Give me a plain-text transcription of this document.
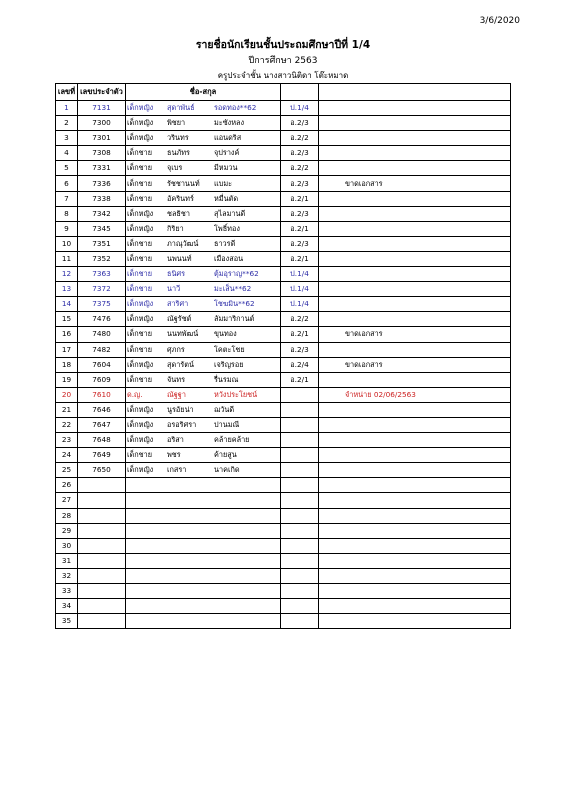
3/6/2020
รายชื่อนักเรียนชั้นประถมศึกษาปีที่ 1/4
ปีการศึกษา 2563
ครูประจำชั้น นางสาวนิติดา โต๊ะหมาด
เลขที่	เลขประจำตัว	ชื่อ-สกุล		
1	7131	เด็กหญิง สุดาพันธ์ รอดทอง**62	ป.1/4	
2	7300	เด็กหญิง พิชยา มะซังหลง	อ.2/3	
3	7301	เด็กหญิง วรินทร แอนดริส	อ.2/2	
4	7308	เด็กชาย ธนภัทร จุปรางค์	อ.2/3	
5	7331	เด็กชาย จุเบร มีหมวน	อ.2/2	
6	7336	เด็กชาย รัชชานนท์ แบมะ	อ.2/3	ขาดเอกสาร
7	7338	เด็กชาย อัครินทร์ หมื่นตัด	อ.2/1	
8	7342	เด็กหญิง ชลธิชา สุไลมานดี	อ.2/3	
9	7345	เด็กหญิง กิริยา โพธิ์ทอง	อ.2/1	
10	7351	เด็กชาย ภาณุวัฒน์ ธาวรดี	อ.2/3	
11	7352	เด็กชาย นพนนท์ เมืองสอน	อ.2/1	
12	7363	เด็กชาย ธนิศร ตุ้มอุราญ**62	ป.1/4	
13	7372	เด็กชาย นาวี มะเส็น**62	ป.1/4	
14	7375	เด็กหญิง สาริศา โชฆมิน**62	ป.1/4	
15	7476	เด็กหญิง ณัฐรัชต์ ลัมมาริกานต์	อ.2/2	
16	7480	เด็กชาย นนทพัฒน์ ขุนทอง	อ.2/1	ขาดเอกสาร
17	7482	เด็กชาย ศุภกร โคตะโชย	อ.2/3	
18	7604	เด็กหญิง สุดารัตน์ เจริญรอย	อ.2/4	ขาดเอกสาร
19	7609	เด็กชาย จันทร รื่นรมณ	อ.2/1	
20	7610	ด.ญ. ณัฐฐา หวังประโยชน์		จำหน่าย 02/06/2563
21	7646	เด็กหญิง นูรอัยน่า ฌวันดี		
22	7647	เด็กหญิง อรอริศรา ปานมณี		
23	7648	เด็กหญิง อริสา คล้ายคล้าย		
24	7649	เด็กชาย พชร ค้ายสูน		
25	7650	เด็กหญิง เกสรา นาคเกิด		
26				
27				
28				
29				
30				
31				
32				
33				
34				
35				
